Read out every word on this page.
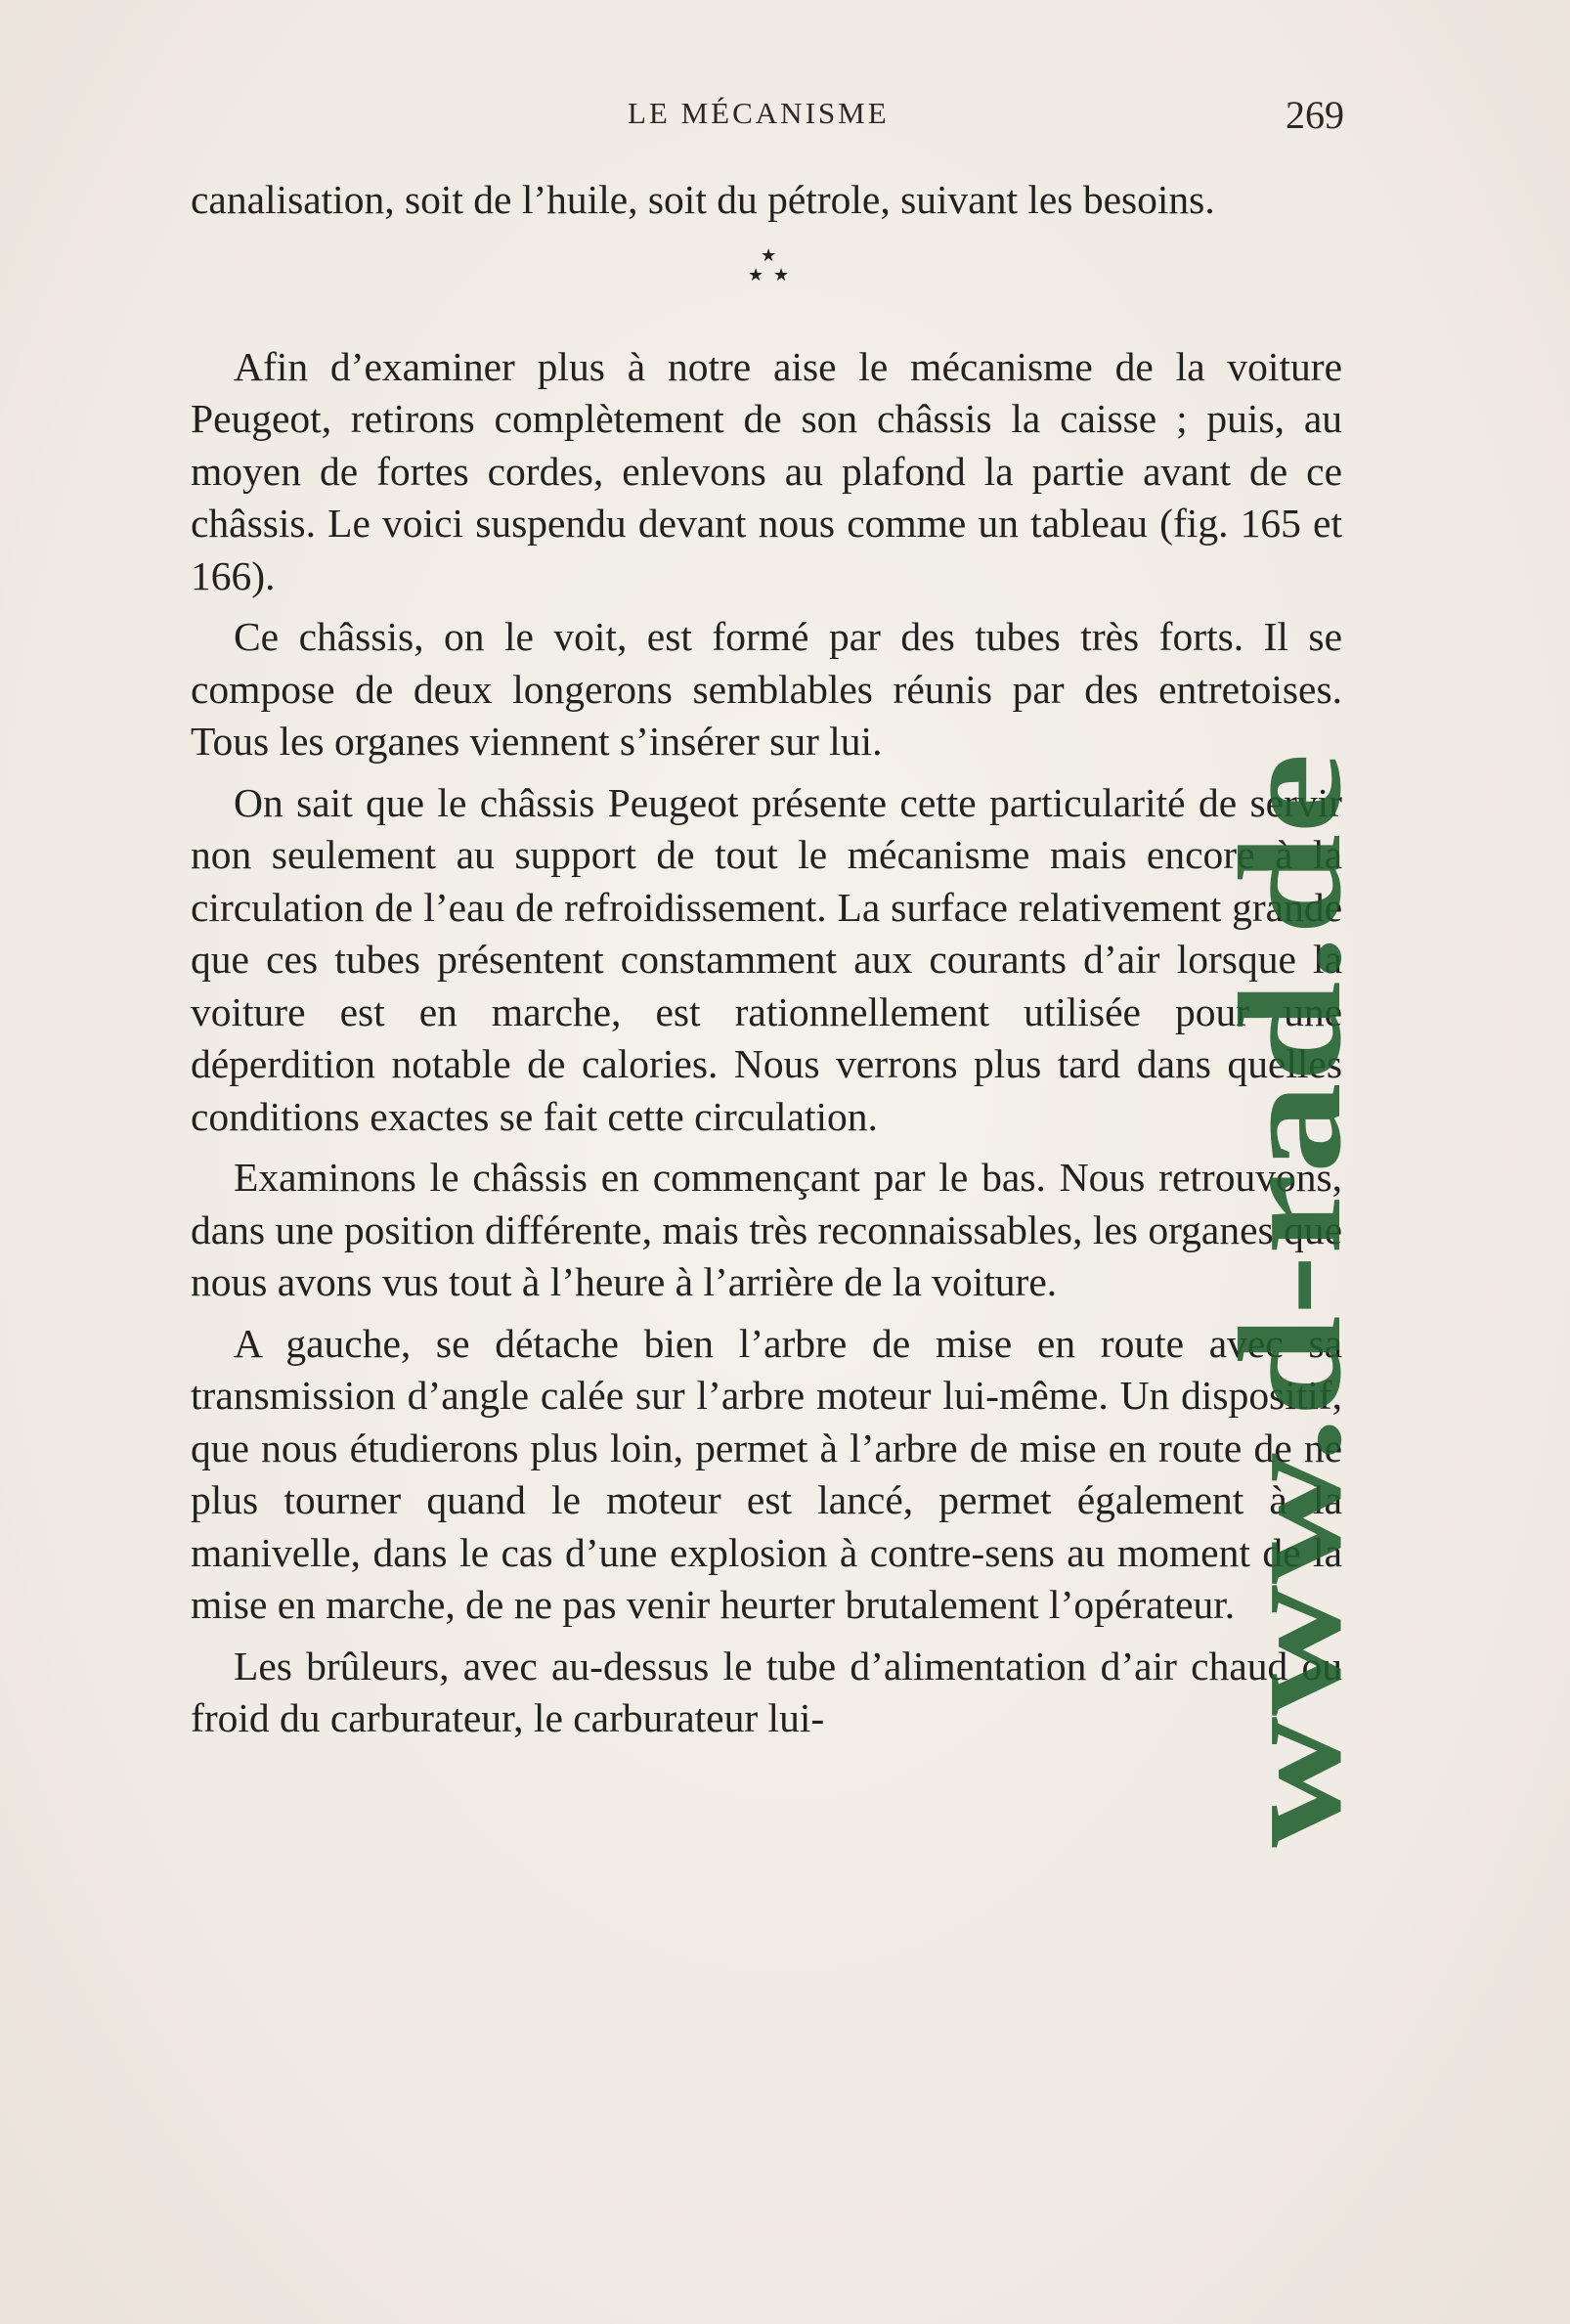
LE MÉCANISME	269

canalisation, soit de l’huile, soit du pétrole, suivant les besoins.

★
★ ★

Afin d’examiner plus à notre aise le mécanisme de la voiture Peugeot, retirons complètement de son châssis la caisse ; puis, au moyen de fortes cordes, enlevons au plafond la partie avant de ce châssis. Le voici suspendu devant nous comme un tableau (fig. 165 et 166).

Ce châssis, on le voit, est formé par des tubes très forts. Il se compose de deux longerons semblables réunis par des entretoises. Tous les organes viennent s’insérer sur lui.

On sait que le châssis Peugeot présente cette particularité de servir non seulement au support de tout le mécanisme mais encore à la circulation de l’eau de refroidissement. La surface relativement grande que ces tubes présentent constamment aux courants d’air lorsque la voiture est en marche, est rationnellement utilisée pour une déperdition notable de calories. Nous verrons plus tard dans quelles conditions exactes se fait cette circulation.

Examinons le châssis en commençant par le bas. Nous retrouvons, dans une position différente, mais très reconnaissables, les organes que nous avons vus tout à l’heure à l’arrière de la voiture.

A gauche, se détache bien l’arbre de mise en route avec sa transmission d’angle calée sur l’arbre moteur lui-même. Un dispositif, que nous étudierons plus loin, permet à l’arbre de mise en route de ne plus tourner quand le moteur est lancé, permet également à la manivelle, dans le cas d’une explosion à contre-sens au moment de la mise en marche, de ne pas venir heurter brutalement l’opérateur.

Les brûleurs, avec au-dessus le tube d’alimentation d’air chaud ou froid du carburateur, le carburateur lui-	www.d-rad.de
